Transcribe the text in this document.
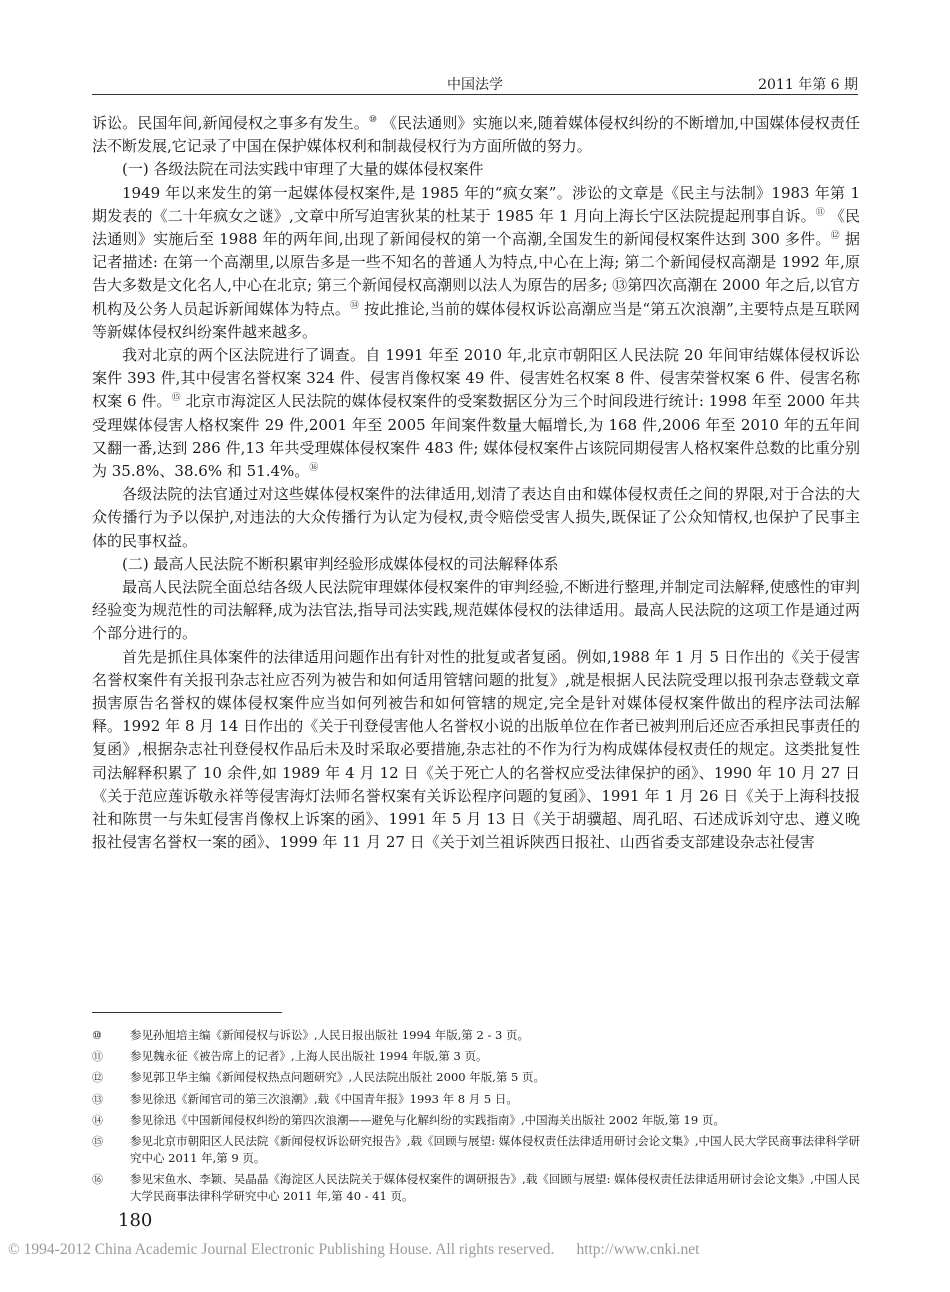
中国法学	2011 年第 6 期

诉讼。民国年间,新闻侵权之事多有发生。⑩ 《民法通则》实施以来,随着媒体侵权纠纷的不断增加,中国媒体侵权责任法不断发展,它记录了中国在保护媒体权利和制裁侵权行为方面所做的努力。

(一) 各级法院在司法实践中审理了大量的媒体侵权案件

1949 年以来发生的第一起媒体侵权案件,是 1985 年的“疯女案”。涉讼的文章是《民主与法制》1983 年第 1 期发表的《二十年疯女之谜》,文章中所写迫害狄某的杜某于 1985 年 1 月向上海长宁区法院提起刑事自诉。⑪ 《民法通则》实施后至 1988 年的两年间,出现了新闻侵权的第一个高潮,全国发生的新闻侵权案件达到 300 多件。⑫ 据记者描述: 在第一个高潮里,以原告多是一些不知名的普通人为特点,中心在上海; 第二个新闻侵权高潮是 1992 年,原告大多数是文化名人,中心在北京; 第三个新闻侵权高潮则以法人为原告的居多; ⑬第四次高潮在 2000 年之后,以官方机构及公务人员起诉新闻媒体为特点。⑭ 按此推论,当前的媒体侵权诉讼高潮应当是“第五次浪潮”,主要特点是互联网等新媒体侵权纠纷案件越来越多。

我对北京的两个区法院进行了调查。自 1991 年至 2010 年,北京市朝阳区人民法院 20 年间审结媒体侵权诉讼案件 393 件,其中侵害名誉权案 324 件、侵害肖像权案 49 件、侵害姓名权案 8 件、侵害荣誉权案 6 件、侵害名称权案 6 件。⑮ 北京市海淀区人民法院的媒体侵权案件的受案数据区分为三个时间段进行统计: 1998 年至 2000 年共受理媒体侵害人格权案件 29 件,2001 年至 2005 年间案件数量大幅增长,为 168 件,2006 年至 2010 年的五年间又翻一番,达到 286 件,13 年共受理媒体侵权案件 483 件; 媒体侵权案件占该院同期侵害人格权案件总数的比重分别为 35.8%、38.6% 和 51.4%。⑯

各级法院的法官通过对这些媒体侵权案件的法律适用,划清了表达自由和媒体侵权责任之间的界限,对于合法的大众传播行为予以保护,对违法的大众传播行为认定为侵权,责令赔偿受害人损失,既保证了公众知情权,也保护了民事主体的民事权益。

(二) 最高人民法院不断积累审判经验形成媒体侵权的司法解释体系

最高人民法院全面总结各级人民法院审理媒体侵权案件的审判经验,不断进行整理,并制定司法解释,使感性的审判经验变为规范性的司法解释,成为法官法,指导司法实践,规范媒体侵权的法律适用。最高人民法院的这项工作是通过两个部分进行的。

首先是抓住具体案件的法律适用问题作出有针对性的批复或者复函。例如,1988 年 1 月 5 日作出的《关于侵害名誉权案件有关报刊杂志社应否列为被告和如何适用管辖问题的批复》,就是根据人民法院受理以报刊杂志登载文章损害原告名誉权的媒体侵权案件应当如何列被告和如何管辖的规定,完全是针对媒体侵权案件做出的程序法司法解释。1992 年 8 月 14 日作出的《关于刊登侵害他人名誉权小说的出版单位在作者已被判刑后还应否承担民事责任的复函》,根据杂志社刊登侵权作品后未及时采取必要措施,杂志社的不作为行为构成媒体侵权责任的规定。这类批复性司法解释积累了 10 余件,如 1989 年 4 月 12 日《关于死亡人的名誉权应受法律保护的函》、1990 年 10 月 27 日《关于范应莲诉敬永祥等侵害海灯法师名誉权案有关诉讼程序问题的复函》、1991 年 1 月 26 日《关于上海科技报社和陈贯一与朱虹侵害肖像权上诉案的函》、1991 年 5 月 13 日《关于胡骥超、周孔昭、石述成诉刘守忠、遵义晚报社侵害名誉权一案的函》、1999 年 11 月 27 日《关于刘兰祖诉陕西日报社、山西省委支部建设杂志社侵害

⑩ 参见孙旭培主编《新闻侵权与诉讼》,人民日报出版社 1994 年版,第 2 - 3 页。
⑪ 参见魏永征《被告席上的记者》,上海人民出版社 1994 年版,第 3 页。
⑫ 参见郭卫华主编《新闻侵权热点问题研究》,人民法院出版社 2000 年版,第 5 页。
⑬ 参见徐迅《新闻官司的第三次浪潮》,载《中国青年报》1993 年 8 月 5 日。
⑭ 参见徐迅《中国新闻侵权纠纷的第四次浪潮——避免与化解纠纷的实践指南》,中国海关出版社 2002 年版,第 19 页。
⑮ 参见北京市朝阳区人民法院《新闻侵权诉讼研究报告》,载《回顾与展望: 媒体侵权责任法律适用研讨会论文集》,中国人民大学民商事法律科学研究中心 2011 年,第 9 页。
⑯ 参见宋鱼水、李颖、吴晶晶《海淀区人民法院关于媒体侵权案件的调研报告》,载《回顾与展望: 媒体侵权责任法律适用研讨会论文集》,中国人民大学民商事法律科学研究中心 2011 年,第 40 - 41 页。
180
© 1994-2012 China Academic Journal Electronic Publishing House. All rights reserved. http://www.cnki.net
